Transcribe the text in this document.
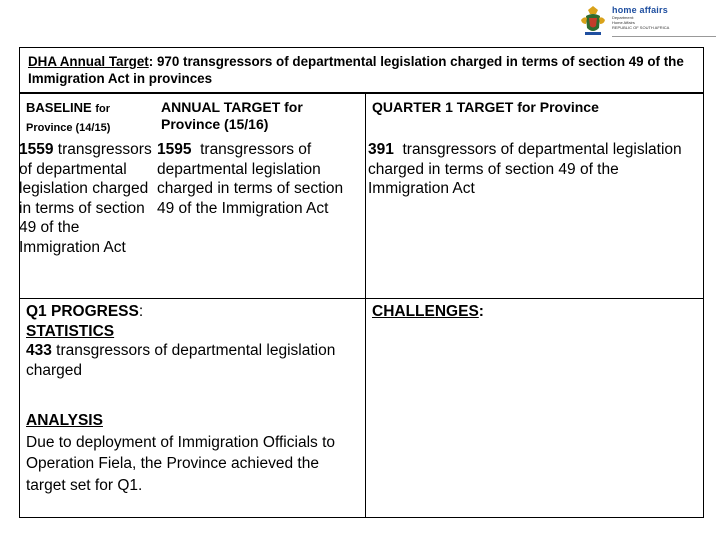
home affairs
Department:
Home Affairs
REPUBLIC OF SOUTH AFRICA
DHA Annual Target: 970 transgressors of departmental legislation charged in terms of section 49 of the Immigration Act in provinces
BASELINE for
Province (14/15)
ANNUAL TARGET for
Province (15/16)
QUARTER 1 TARGET for Province
1559 transgressors of departmental legislation charged in terms of section 49 of the Immigration Act
1595  transgressors of departmental legislation charged in terms of section 49 of the Immigration Act
391  transgressors of departmental legislation charged in terms of section 49 of the Immigration Act
Q1 PROGRESS:
STATISTICS
433 transgressors of departmental legislation charged
ANALYSIS
Due to deployment of Immigration Officials to Operation Fiela, the Province achieved the target set for Q1.
CHALLENGES:
